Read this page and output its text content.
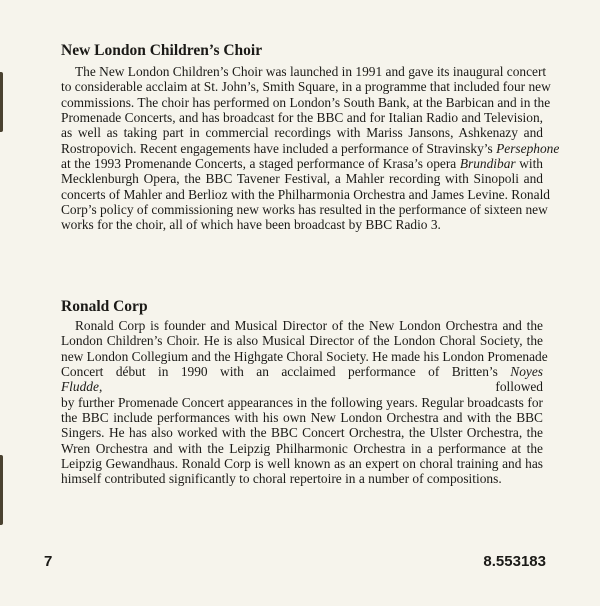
New London Children’s Choir
The New London Children’s Choir was launched in 1991 and gave its inaugural concert
to considerable acclaim at St. John’s, Smith Square, in a programme that included four new
commissions. The choir has performed on London’s South Bank, at the Barbican and in the
Promenade Concerts, and has broadcast for the BBC and for Italian Radio and Television,
as well as taking part in commercial recordings with Mariss Jansons, Ashkenazy and
Rostropovich. Recent engagements have included a performance of Stravinsky’s Persephone
at the 1993 Promenande Concerts, a staged performance of Krasa’s opera Brundibar with
Mecklenburgh Opera, the BBC Tavener Festival, a Mahler recording with Sinopoli and
concerts of Mahler and Berlioz with the Philharmonia Orchestra and James Levine. Ronald
Corp’s policy of commissioning new works has resulted in the performance of sixteen new
works for the choir, all of which have been broadcast by BBC Radio 3.
Ronald Corp
Ronald Corp is founder and Musical Director of the New London Orchestra and the
London Children’s Choir. He is also Musical Director of the London Choral Society, the
new London Collegium and the Highgate Choral Society. He made his London Promenade
Concert début in 1990 with an acclaimed performance of Britten’s Noyes Fludde, followed
by further Promenade Concert appearances in the following years. Regular broadcasts for
the BBC include performances with his own New London Orchestra and with the BBC
Singers. He has also worked with the BBC Concert Orchestra, the Ulster Orchestra, the
Wren Orchestra and with the Leipzig Philharmonic Orchestra in a performance at the
Leipzig Gewandhaus. Ronald Corp is well known as an expert on choral training and has
himself contributed significantly to choral repertoire in a number of compositions.
7	8.553183
